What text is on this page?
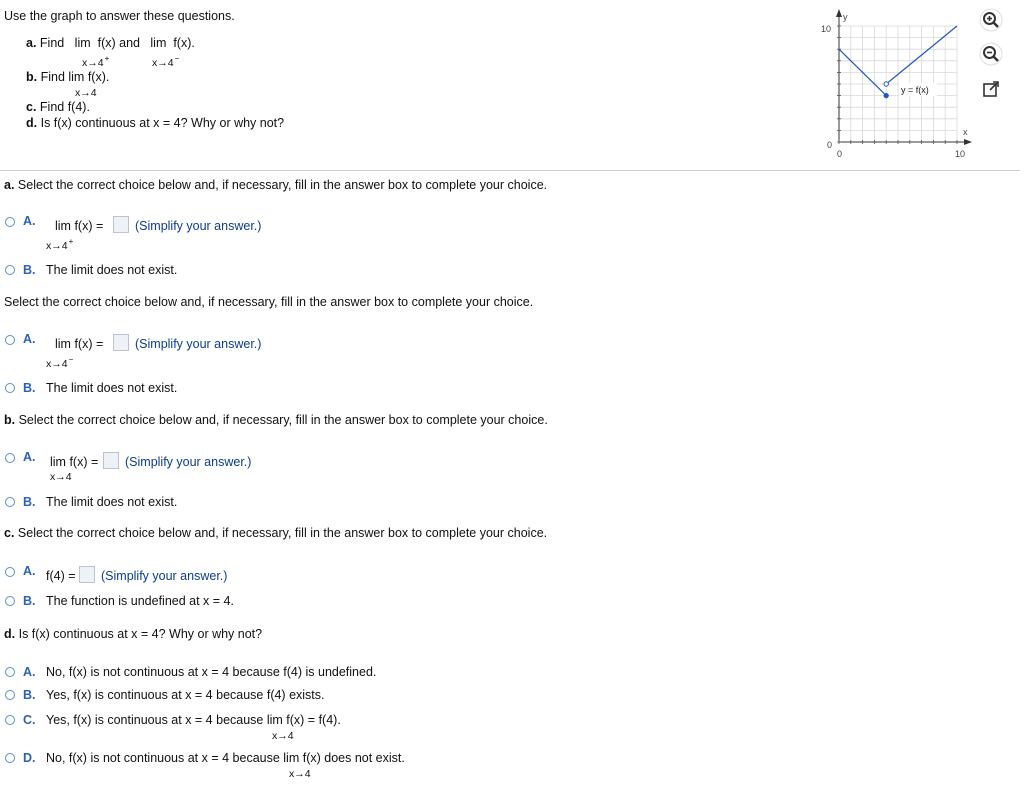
Use the graph to answer these questions.
a. Find lim f(x) and lim f(x).
x→4+	x→4−
b. Find lim f(x).
x→4
c. Find f(4).
d. Is f(x) continuous at x = 4? Why or why not?
y
x
10
0
0	10
y = f(x)
a. Select the correct choice below and, if necessary, fill in the answer box to complete your choice.
A. lim f(x) =	(Simplify your answer.)
x→4+
B. The limit does not exist.
Select the correct choice below and, if necessary, fill in the answer box to complete your choice.
A. lim f(x) =	(Simplify your answer.)
x→4−
B. The limit does not exist.
b. Select the correct choice below and, if necessary, fill in the answer box to complete your choice.
A. lim f(x) = (Simplify your answer.)
x→4
B. The limit does not exist.
c. Select the correct choice below and, if necessary, fill in the answer box to complete your choice.
A. f(4) = (Simplify your answer.)
B. The function is undefined at x = 4.
d. Is f(x) continuous at x = 4? Why or why not?
A. No, f(x) is not continuous at x = 4 because f(4) is undefined.
B. Yes, f(x) is continuous at x = 4 because f(4) exists.
C. Yes, f(x) is continuous at x = 4 because lim f(x) = f(4).
x→4
D. No, f(x) is not continuous at x = 4 because lim f(x) does not exist.
x→4
